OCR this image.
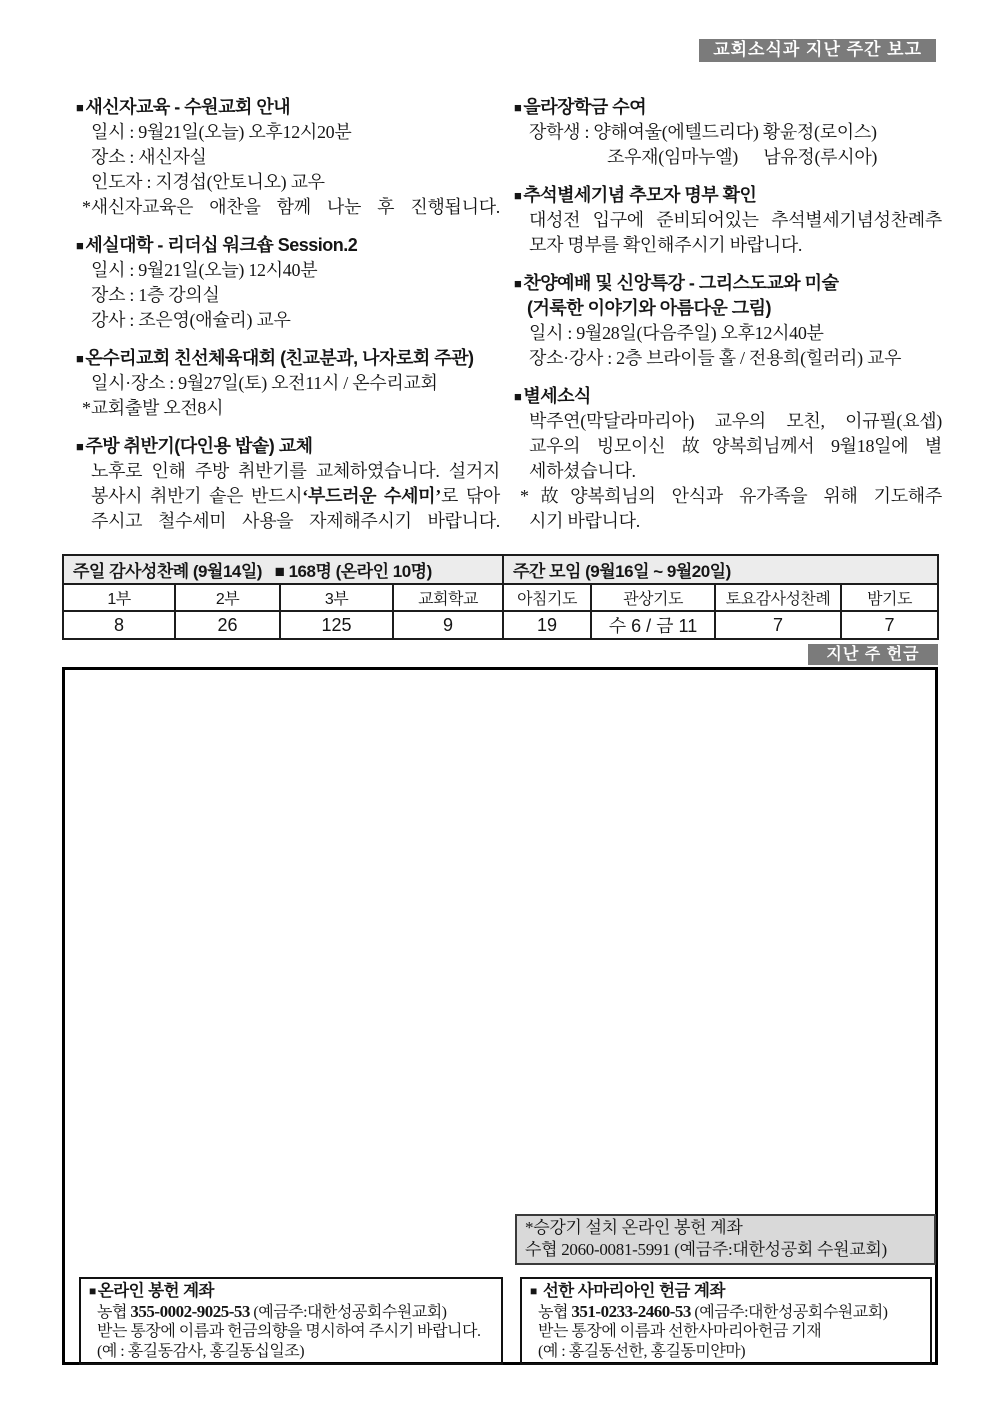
교회소식과 지난 주간 보고
■ 새신자교육 - 수원교회 안내
일시 : 9월21일(오늘) 오후12시20분
장소 : 새신자실
인도자 : 지경섭(안토니오) 교우
*새신자교육은 애찬을 함께 나눈 후 진행됩니다.
■ 세실대학 - 리더십 워크숍 Session.2
일시 : 9월21일(오늘) 12시40분
장소 : 1층 강의실
강사 : 조은영(애슐리) 교우
■ 온수리교회 친선체육대회 (친교분과, 나자로회 주관)
일시·장소 : 9월27일(토) 오전11시 / 온수리교회
*교회출발 오전8시
■ 주방 취반기(다인용 밥솥) 교체
노후로 인해 주방 취반기를 교체하였습니다. 설거지
봉사시 취반기 솥은 반드시‘부드러운 수세미’로 닦아
주시고 철수세미 사용을 자제해주시기 바랍니다.
■ 을라장학금 수여
장학생 : 양해여울(에텔드리다) 황윤정(로이스)
조우재(임마누엘)      남유정(루시아)
■ 추석별세기념 추모자 명부 확인
대성전 입구에 준비되어있는 추석별세기념성찬례추
모자 명부를 확인해주시기 바랍니다.
■ 찬양예배 및 신앙특강 - 그리스도교와 미술
(거룩한 이야기와 아름다운 그림)
일시 : 9월28일(다음주일) 오후12시40분
장소·강사 : 2층 브라이들 홀 / 전용희(힐러리) 교우
■ 별세소식
박주연(막달라마리아) 교우의 모친, 이규필(요셉)
교우의 빙모이신 故양복희님께서 9월18일에 별
세하셨습니다.
*故양복희님의 안식과 유가족을 위해 기도해주
시기 바랍니다.
주일 감사성찬례 (9월14일)   ■ 168명 (온라인 10명)				주간 모임 (9월16일 ~ 9월20일)			
1부	2부	3부	교회학교	아침기도	관상기도	토요감사성찬례	밤기도
8	26	125	9	19	수 6 / 금 11	7	7
지난 주 헌금
*승강기 설치 온라인 봉헌 계좌
수협 2060-0081-5991 (예금주:대한성공회 수원교회)
■ 온라인 봉헌 계좌
농협 355-0002-9025-53 (예금주:대한성공회수원교회)
받는 통장에 이름과 헌금의향을 명시하여 주시기 바랍니다.
(예 : 홍길동감사, 홍길동십일조)
■ 선한 사마리아인 헌금 계좌
농협 351-0233-2460-53 (예금주:대한성공회수원교회)
받는 통장에 이름과 선한사마리아헌금 기재
(예 : 홍길동선한, 홍길동미얀마)
